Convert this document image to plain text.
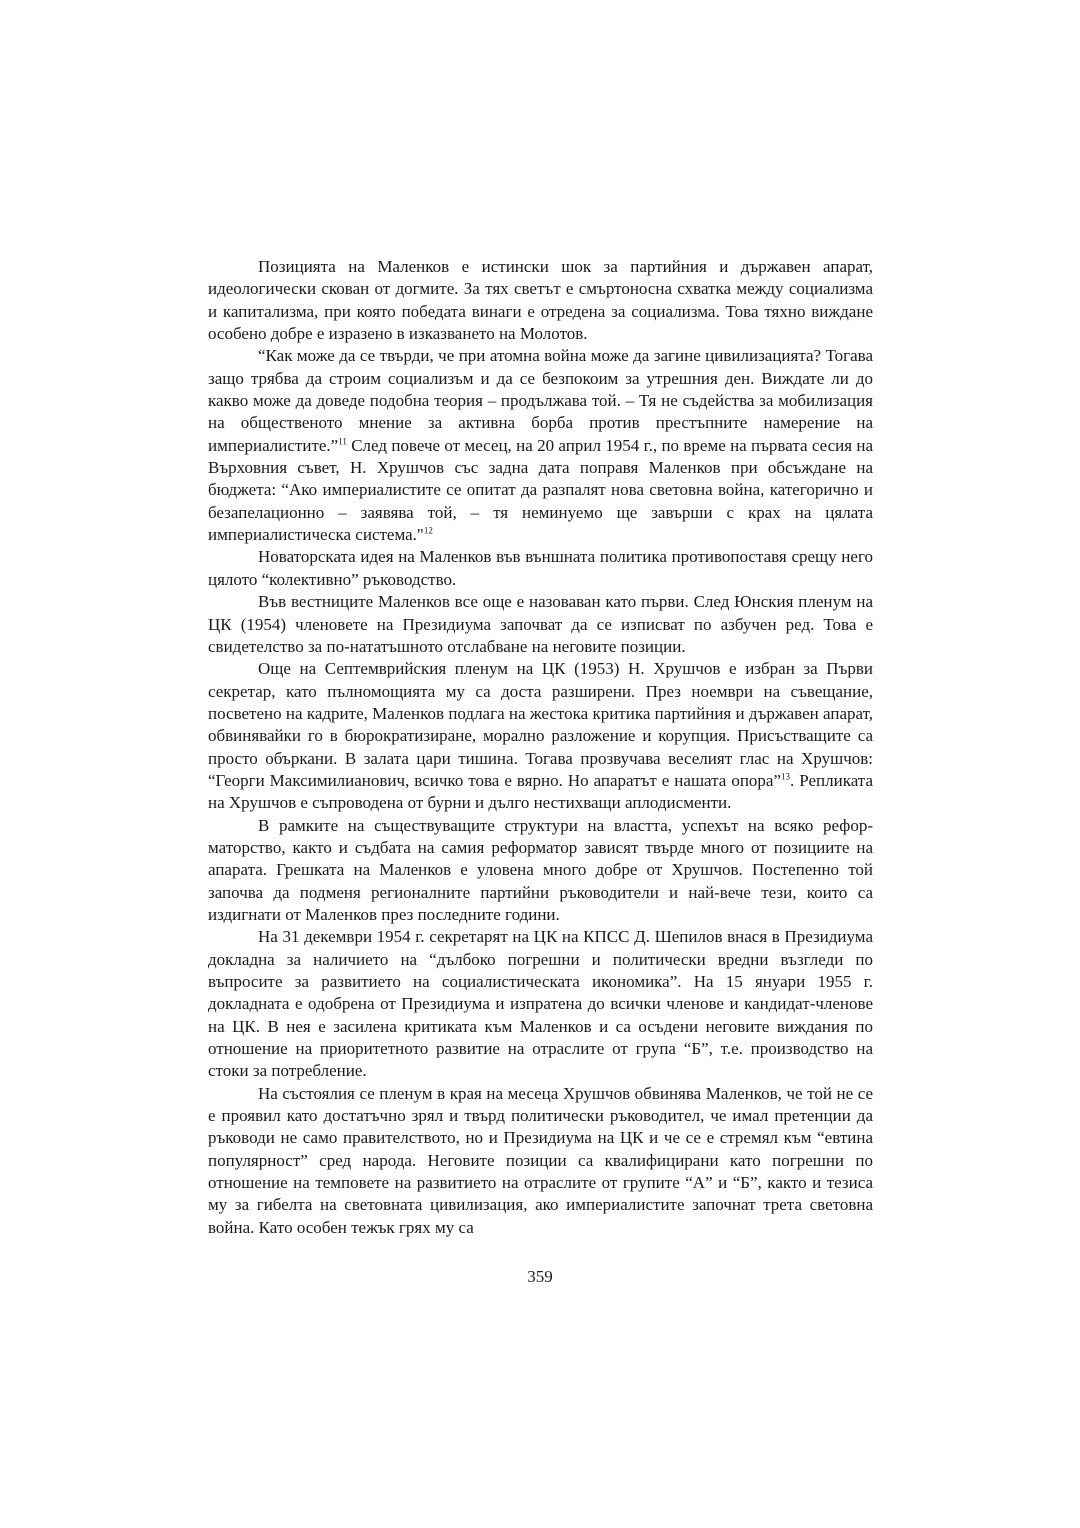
Позицията на Маленков е истински шок за партийния и държавен апарат, идеологически скован от догмите. За тях светът е смъртоносна схватка между социализма и капитализма, при която победата винаги е отредена за социализма. Това тяхно виждане особено добре е изразено в изказването на Молотов.

“Как може да се твърди, че при атомна война може да загине цивилизацията? Тогава защо трябва да строим социализъм и да се безпокоим за утрешния ден. Виждате ли до какво може да доведе подобна теория – продължава той. – Тя не съдейства за мобилизация на общественото мнение за активна борба против престъпните намерение на империалистите.”$^{11}$ След повече от месец, на 20 април 1954 г., по време на първата сесия на Върховния съвет, Н. Хрушчов със задна дата поправя Маленков при обсъждане на бюджета: “Ако империалистите се опитат да разпалят нова световна война, категорично и безапелационно – заявява той, – тя неминуемо ще завърши с крах на цялата империалистическа система."$^{12}$

Новаторската идея на Маленков във външната политика противопоставя срещу него цялото “колективно” ръководство.

Във вестниците Маленков все още е назоваван като първи. След Юнския пленум на ЦК (1954) членовете на Президиума започват да се изписват по азбучен ред. Това е свидетелство за по-нататъшното отслабване на неговите позиции.

Още на Септемврийския пленум на ЦК (1953) Н. Хрушчов е избран за Първи секретар, като пълномощията му са доста разширени. През ноември на съвещание, посветено на кадрите, Маленков подлага на жестока критика партийния и държавен апарат, обвинявайки го в бюрократизиране, морално разложение и корупция. Присъстващите са просто объркани. В залата цари тишина. Тогава прозвучава веселият глас на Хрушчов: “Георги Максимилианович, всичко това е вярно. Но апаратът е нашата опора”$^{13}$. Репликата на Хрушчов е съпроводена от бурни и дълго нестихващи аплодисменти.

В рамките на съществуващите структури на властта, успехът на всяко реформаторство, както и съдбата на самия реформатор зависят твърде много от позициите на апарата. Грешката на Маленков е уловена много добре от Хрушчов. Постепенно той започва да подменя регионалните партийни ръководители и най-вече тези, които са издигнати от Маленков през последните години.

На 31 декември 1954 г. секретарят на ЦК на КПСС Д. Шепилов внася в Президиума докладна за наличието на “дълбоко погрешни и политически вредни възгледи по въпросите за развитието на социалистическата икономика”. На 15 януари 1955 г. докладната е одобрена от Президиума и изпратена до всички членове и кандидат-членове на ЦК. В нея е засилена критиката към Маленков и са осъдени неговите виждания по отношение на приоритетното развитие на отраслите от група “Б”, т.е. производство на стоки за потребление.

На състоялия се пленум в края на месеца Хрушчов обвинява Маленков, че той не се е проявил като достатъчно зрял и твърд политически ръководител, че имал претенции да ръководи не само правителството, но и Президиума на ЦК и че се е стремял към “евтина популярност” сред народа. Неговите позиции са квалифицирани като погрешни по отношение на темповете на развитието на отраслите от групите “А” и “Б”, както и тезиса му за гибелта на световната цивилизация, ако империалистите започнат трета световна война. Като особен тежък грях му са

359
